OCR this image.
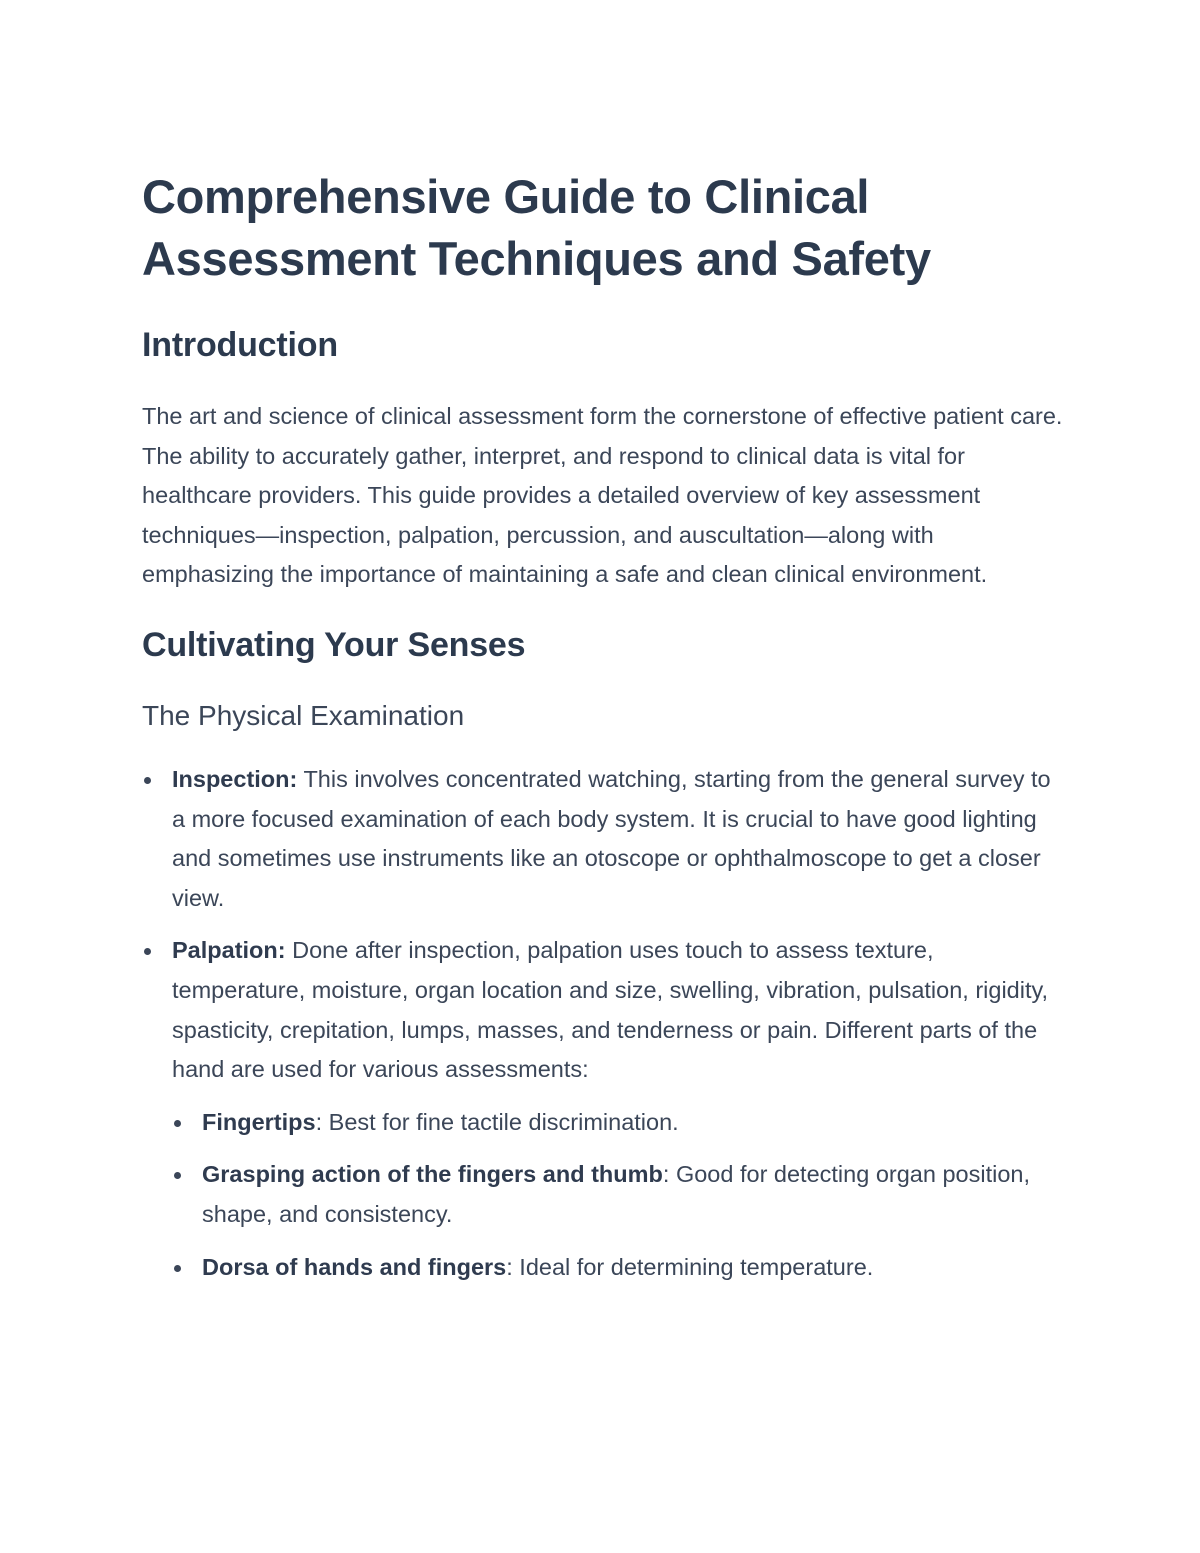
Comprehensive Guide to Clinical Assessment Techniques and Safety
Introduction

The art and science of clinical assessment form the cornerstone of effective patient care. The ability to accurately gather, interpret, and respond to clinical data is vital for healthcare providers. This guide provides a detailed overview of key assessment techniques—inspection, palpation, percussion, and auscultation—along with emphasizing the importance of maintaining a safe and clean clinical environment.

Cultivating Your Senses
The Physical Examination
Inspection: This involves concentrated watching, starting from the general survey to a more focused examination of each body system. It is crucial to have good lighting and sometimes use instruments like an otoscope or ophthalmoscope to get a closer view.
Palpation: Done after inspection, palpation uses touch to assess texture, temperature, moisture, organ location and size, swelling, vibration, pulsation, rigidity, spasticity, crepitation, lumps, masses, and tenderness or pain. Different parts of the hand are used for various assessments:
Fingertips: Best for fine tactile discrimination.
Grasping action of the fingers and thumb: Good for detecting organ position, shape, and consistency.
Dorsa of hands and fingers: Ideal for determining temperature.
